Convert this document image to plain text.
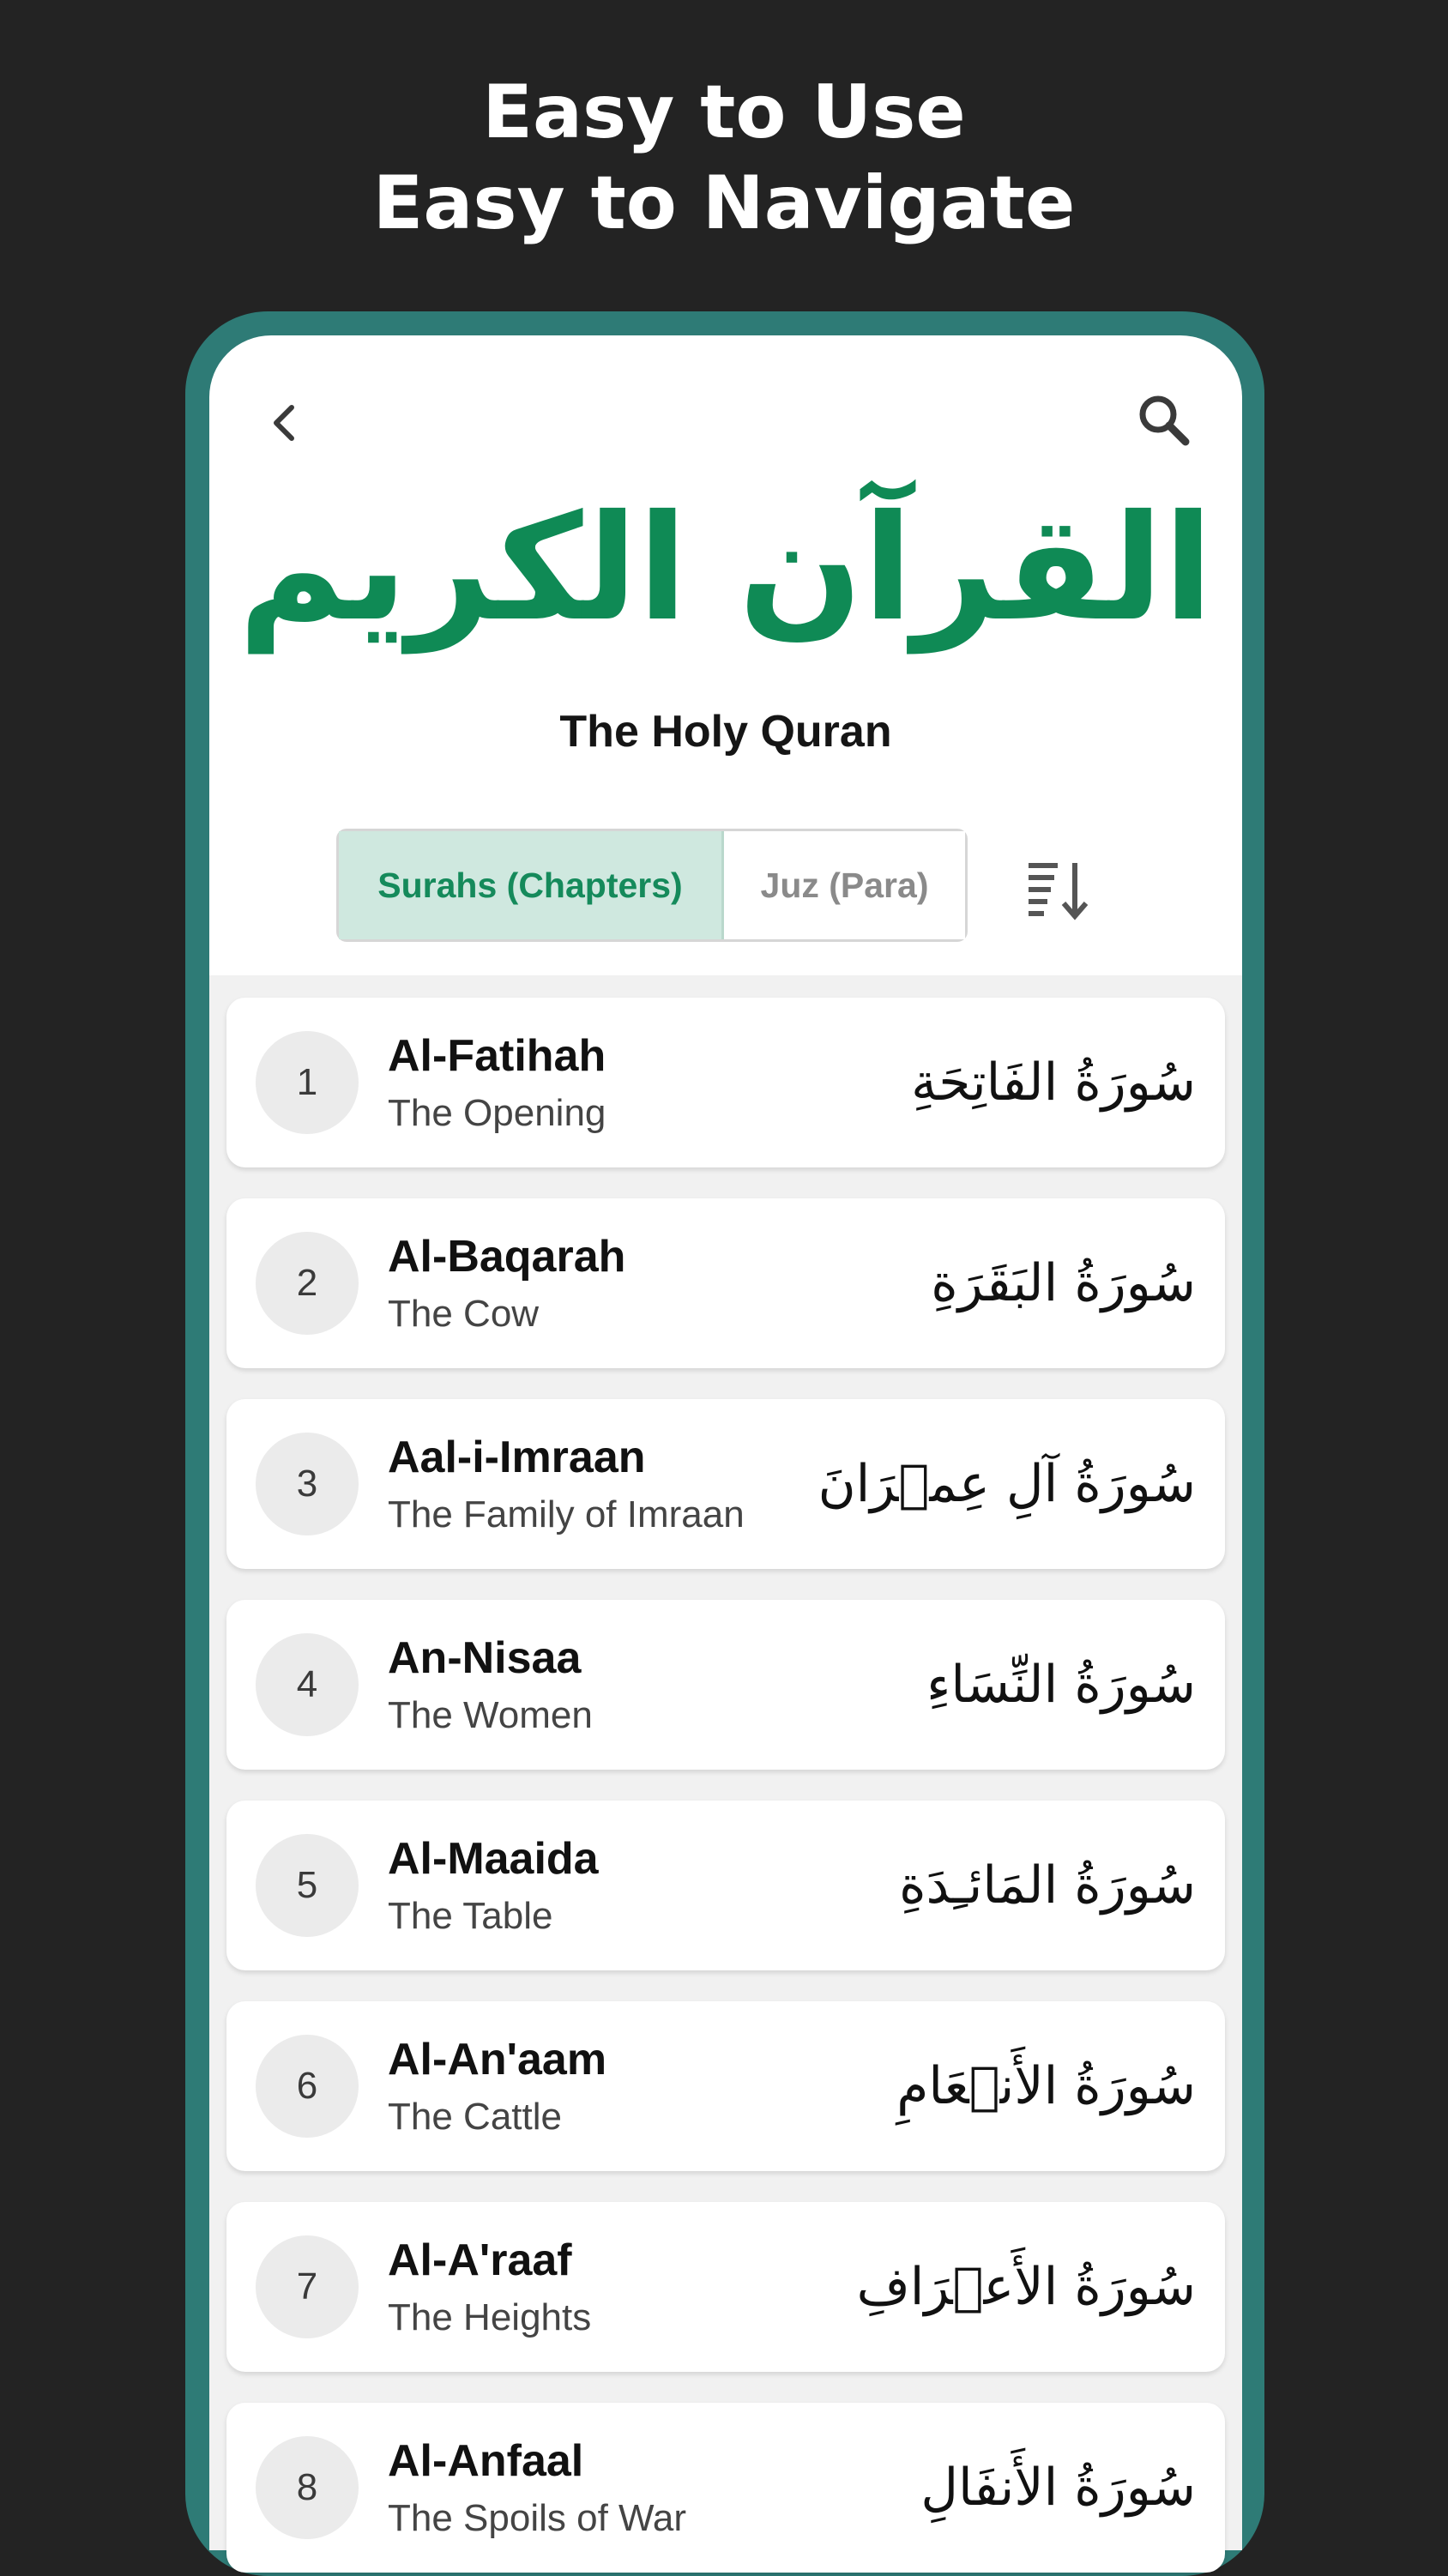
Easy to Use
Easy to Navigate
القرآن الكريم
The Holy Quran
Surahs (Chapters)	Juz (Para)
1
Al-Fatihah
The Opening
سُورَةُ الفَاتِحَةِ
2
Al-Baqarah
The Cow
سُورَةُ البَقَرَةِ
3
Aal-i-Imraan
The Family of Imraan
سُورَةُ آلِ عِمۡرَانَ
4
An-Nisaa
The Women
سُورَةُ النِّسَاءِ
5
Al-Maaida
The Table
سُورَةُ المَائـِدَةِ
6
Al-An'aam
The Cattle
سُورَةُ الأَنۡعَامِ
7
Al-A'raaf
The Heights
سُورَةُ الأَعۡرَافِ
8
Al-Anfaal
The Spoils of War
سُورَةُ الأَنفَالِ
